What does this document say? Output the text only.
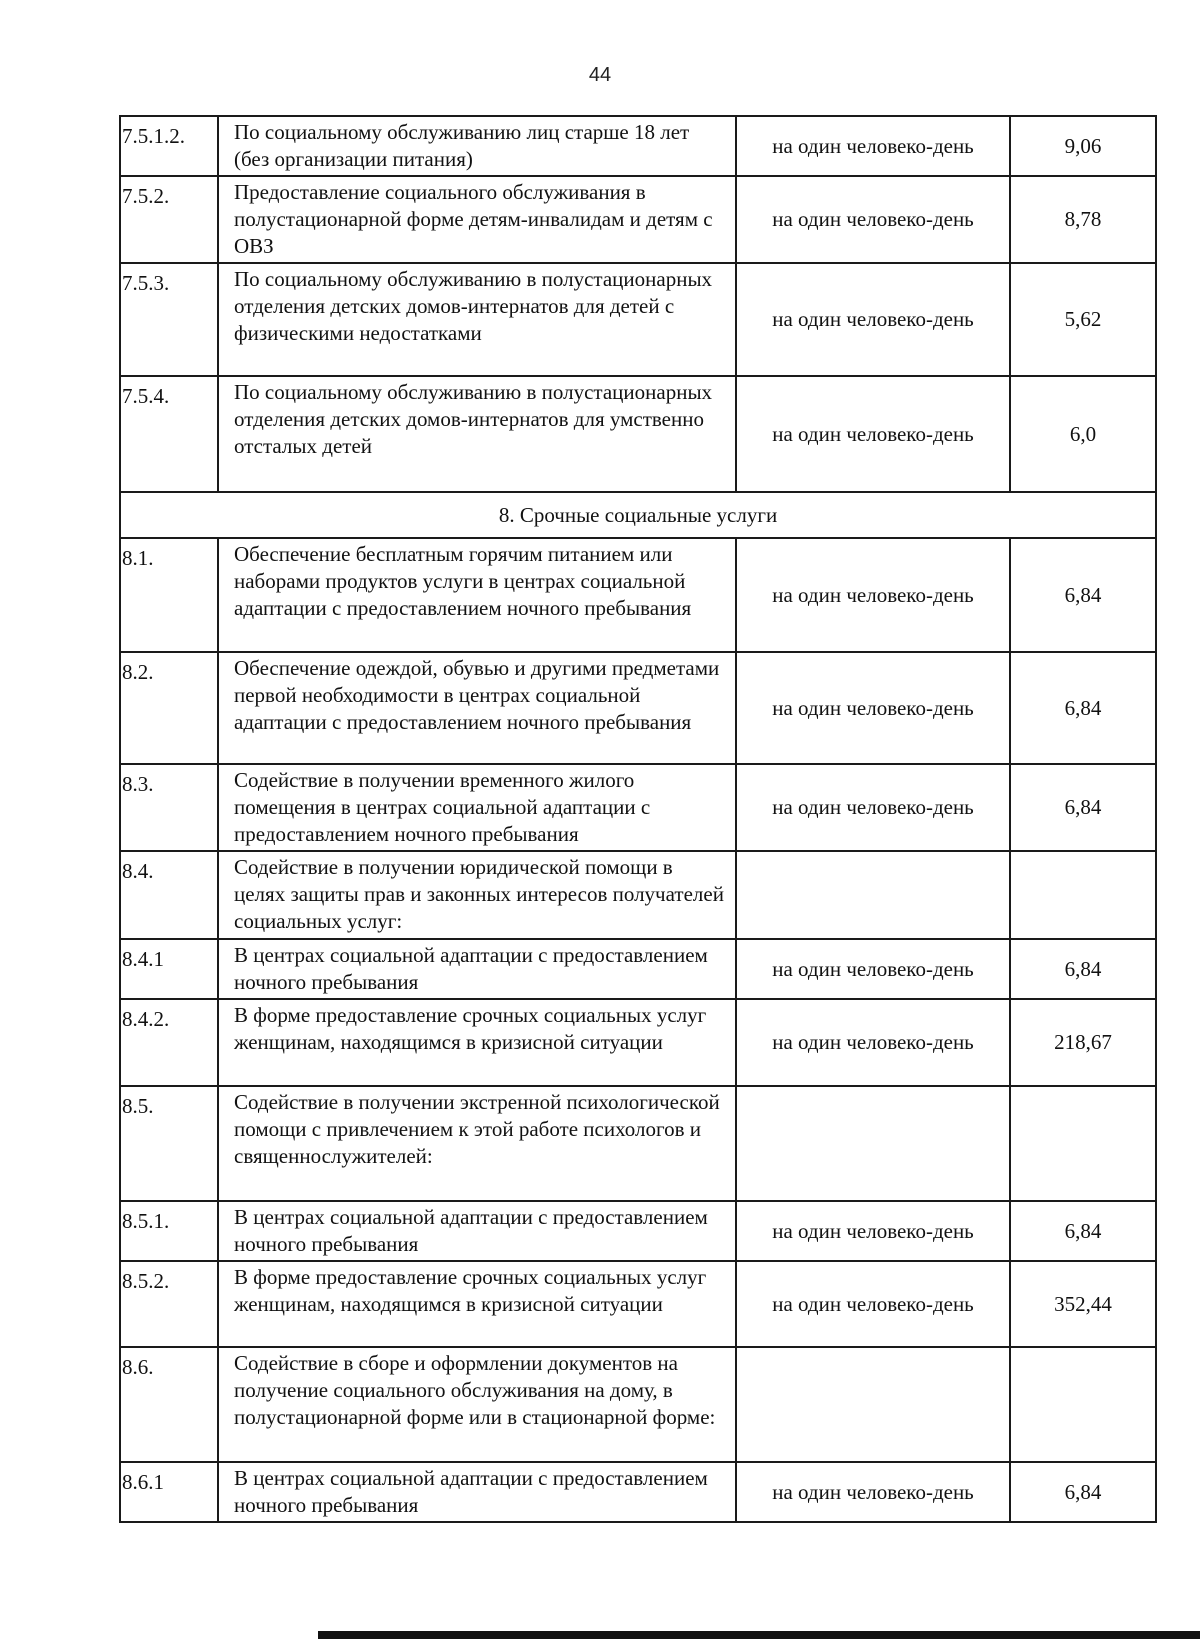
44
7.5.1.2.	По социальному обслуживанию лиц старше 18 лет (без организации питания)	на один человеко-день	9,06
7.5.2.	Предоставление социального обслуживания в полустационарной форме детям-инвалидам и детям с ОВЗ	на один человеко-день	8,78
7.5.3.	По социальному обслуживанию в полустационарных отделения детских домов-интернатов для детей с физическими недостатками	на один человеко-день	5,62
7.5.4.	По социальному обслуживанию в полустационарных отделения детских домов-интернатов для умственно отсталых детей	на один человеко-день	6,0
8. Срочные социальные услуги			
8.1.	Обеспечение бесплатным горячим питанием или наборами продуктов услуги в центрах социальной адаптации с предоставлением ночного пребывания	на один человеко-день	6,84
8.2.	Обеспечение одеждой, обувью и другими предметами первой необходимости в центрах социальной адаптации с предоставлением ночного пребывания	на один человеко-день	6,84
8.3.	Содействие в получении временного жилого помещения в центрах социальной адаптации с предоставлением ночного пребывания	на один человеко-день	6,84
8.4.	Содействие в получении юридической помощи в целях защиты прав и законных интересов получателей социальных услуг:		
8.4.1	В центрах социальной адаптации с предоставлением ночного пребывания	на один человеко-день	6,84
8.4.2.	В форме предоставление срочных социальных услуг женщинам, находящимся в кризисной ситуации	на один человеко-день	218,67
8.5.	Содействие в получении экстренной психологической помощи с привлечением к этой работе психологов и священнослужителей:		
8.5.1.	В центрах социальной адаптации с предоставлением ночного пребывания	на один человеко-день	6,84
8.5.2.	В форме предоставление срочных социальных услуг женщинам, находящимся в кризисной ситуации	на один человеко-день	352,44
8.6.	Содействие в сборе и оформлении документов на получение социального обслуживания на дому, в полустационарной форме или в стационарной форме:		
8.6.1	В центрах социальной адаптации с предоставлением ночного пребывания	на один человеко-день	6,84
